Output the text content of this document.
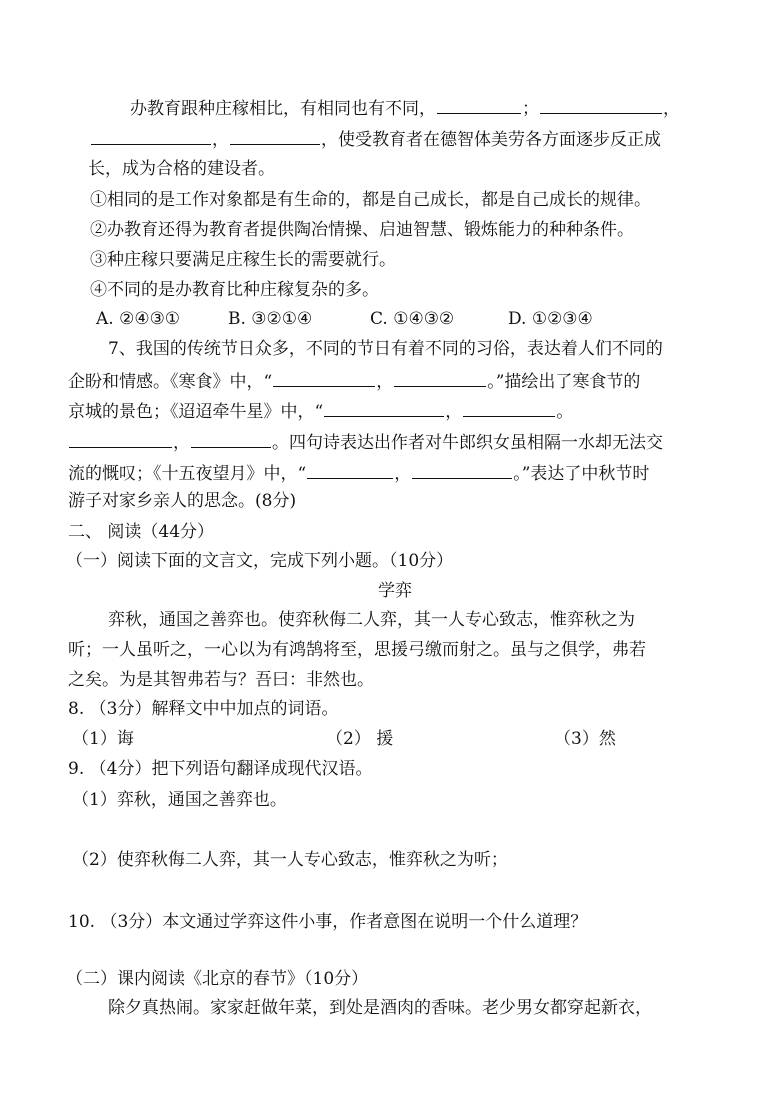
办教育跟种庄稼相比，有相同也有不同，	；	，
，	，使受教育者在德智体美劳各方面逐步反正成
长，成为合格的建设者。
①相同的是工作对象都是有生命的，都是自己成长，都是自己成长的规律。
②办教育还得为教育者提供陶冶情操、启迪智慧、锻炼能力的种种条件。
③种庄稼只要满足庄稼生长的需要就行。
④不同的是办教育比种庄稼复杂的多。
A. ②④③①	B. ③②①④	C. ①④③②	D. ①②③④
7、我国的传统节日众多，不同的节日有着不同的习俗，表达着人们不同的
企盼和情感。《寒食》中，“	，	。”描绘出了寒食节的
京城的景色；《迢迢牵牛星》中，“	，	。
，	。四句诗表达出作者对牛郎织女虽相隔一水却无法交
流的慨叹；《十五夜望月》中，“	，	。”表达了中秋节时
游子对家乡亲人的思念。(8分)
二、 阅读（44分）
（一）阅读下面的文言文，完成下列小题。（10分）
学弈
弈秋，通国之善弈也。使弈秋侮二人弈，其一人专心致志，惟弈秋之为
听；一人虽听之，一心以为有鸿鹄将至，思援弓缴而射之。虽与之俱学，弗若
之矣。为是其智弗若与？吾曰：非然也。
8. （3分）解释文中中加点的词语。
（1）诲	（2） 援	（3）然
9. （4分）把下列语句翻译成现代汉语。
（1）弈秋，通国之善弈也。
（2）使弈秋侮二人弈，其一人专心致志，惟弈秋之为听；
10. （3分）本文通过学弈这件小事，作者意图在说明一个什么道理？
（二）课内阅读《北京的春节》（10分）
除夕真热闹。家家赶做年菜，到处是酒肉的香味。老少男女都穿起新衣，
